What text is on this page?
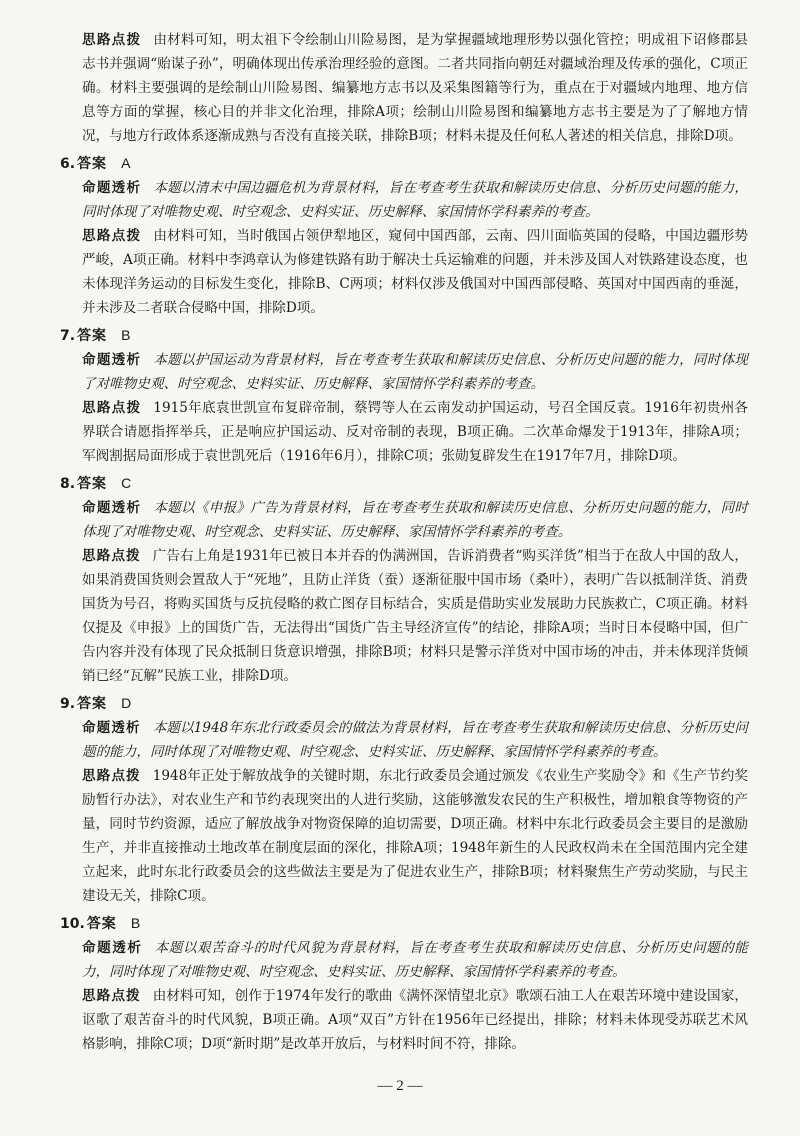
思路点拨 由材料可知，明太祖下令绘制山川险易图，是为掌握疆域地理形势以强化管控；明成祖下诏修郡县志书并强调“贻谋子孙”，明确体现出传承治理经验的意图。二者共同指向朝廷对疆域治理及传承的强化，C项正确。材料主要强调的是绘制山川险易图、编纂地方志书以及采集图籍等行为，重点在于对疆域内地理、地方信息等方面的掌握，核心目的并非文化治理，排除A项；绘制山川险易图和编纂地方志书主要是为了了解地方情况，与地方行政体系逐渐成熟与否没有直接关联，排除B项；材料未提及任何私人著述的相关信息，排除D项。

6. 答案 A

命题透析 本题以清末中国边疆危机为背景材料，旨在考查考生获取和解读历史信息、分析历史问题的能力，同时体现了对唯物史观、时空观念、史料实证、历史解释、家国情怀学科素养的考查。

思路点拨 由材料可知，当时俄国占领伊犁地区，窥伺中国西部，云南、四川面临英国的侵略，中国边疆形势严峻，A项正确。材料中李鸿章认为修建铁路有助于解决士兵运输难的问题，并未涉及国人对铁路建设态度，也未体现洋务运动的目标发生变化，排除B、C两项；材料仅涉及俄国对中国西部侵略、英国对中国西南的垂涎，并未涉及二者联合侵略中国，排除D项。

7. 答案 B

命题透析 本题以护国运动为背景材料，旨在考查考生获取和解读历史信息、分析历史问题的能力，同时体现了对唯物史观、时空观念、史料实证、历史解释、家国情怀学科素养的考查。

思路点拨 1915年底袁世凯宣布复辟帝制，蔡锷等人在云南发动护国运动，号召全国反袁。1916年初贵州各界联合请愿指挥举兵，正是响应护国运动、反对帝制的表现，B项正确。二次革命爆发于1913年，排除A项；军阀割据局面形成于袁世凯死后（1916年6月），排除C项；张勋复辟发生在1917年7月，排除D项。

8. 答案 C

命题透析 本题以《申报》广告为背景材料，旨在考查考生获取和解读历史信息、分析历史问题的能力，同时体现了对唯物史观、时空观念、史料实证、历史解释、家国情怀学科素养的考查。

思路点拨 广告右上角是1931年已被日本并吞的伪满洲国，告诉消费者“购买洋货”相当于在敌人中国的敌人，如果消费国货则会置敌人于“死地”，且防止洋货（蚕）逐渐征服中国市场（桑叶），表明广告以抵制洋货、消费国货为号召，将购买国货与反抗侵略的救亡图存目标结合，实质是借助实业发展助力民族救亡，C项正确。材料仅提及《申报》上的国货广告，无法得出“国货广告主导经济宣传”的结论，排除A项；当时日本侵略中国，但广告内容并没有体现了民众抵制日货意识增强，排除B项；材料只是警示洋货对中国市场的冲击，并未体现洋货倾销已经“瓦解”民族工业，排除D项。

9. 答案 D

命题透析 本题以1948年东北行政委员会的做法为背景材料，旨在考查考生获取和解读历史信息、分析历史问题的能力，同时体现了对唯物史观、时空观念、史料实证、历史解释、家国情怀学科素养的考查。

思路点拨 1948年正处于解放战争的关键时期，东北行政委员会通过颁发《农业生产奖励令》和《生产节约奖励暂行办法》，对农业生产和节约表现突出的人进行奖励，这能够激发农民的生产积极性，增加粮食等物资的产量，同时节约资源，适应了解放战争对物资保障的迫切需要，D项正确。材料中东北行政委员会主要目的是激励生产，并非直接推动土地改革在制度层面的深化，排除A项；1948年新生的人民政权尚未在全国范围内完全建立起来，此时东北行政委员会的这些做法主要是为了促进农业生产，排除B项；材料聚焦生产劳动奖励，与民主建设无关，排除C项。

10. 答案 B

命题透析 本题以艰苦奋斗的时代风貌为背景材料，旨在考查考生获取和解读历史信息、分析历史问题的能力，同时体现了对唯物史观、时空观念、史料实证、历史解释、家国情怀学科素养的考查。

思路点拨 由材料可知，创作于1974年发行的歌曲《满怀深情望北京》歌颂石油工人在艰苦环境中建设国家，讴歌了艰苦奋斗的时代风貌，B项正确。A项“双百”方针在1956年已经提出，排除；材料未体现受苏联艺术风格影响，排除C项；D项“新时期”是改革开放后，与材料时间不符，排除。

— 2 —
